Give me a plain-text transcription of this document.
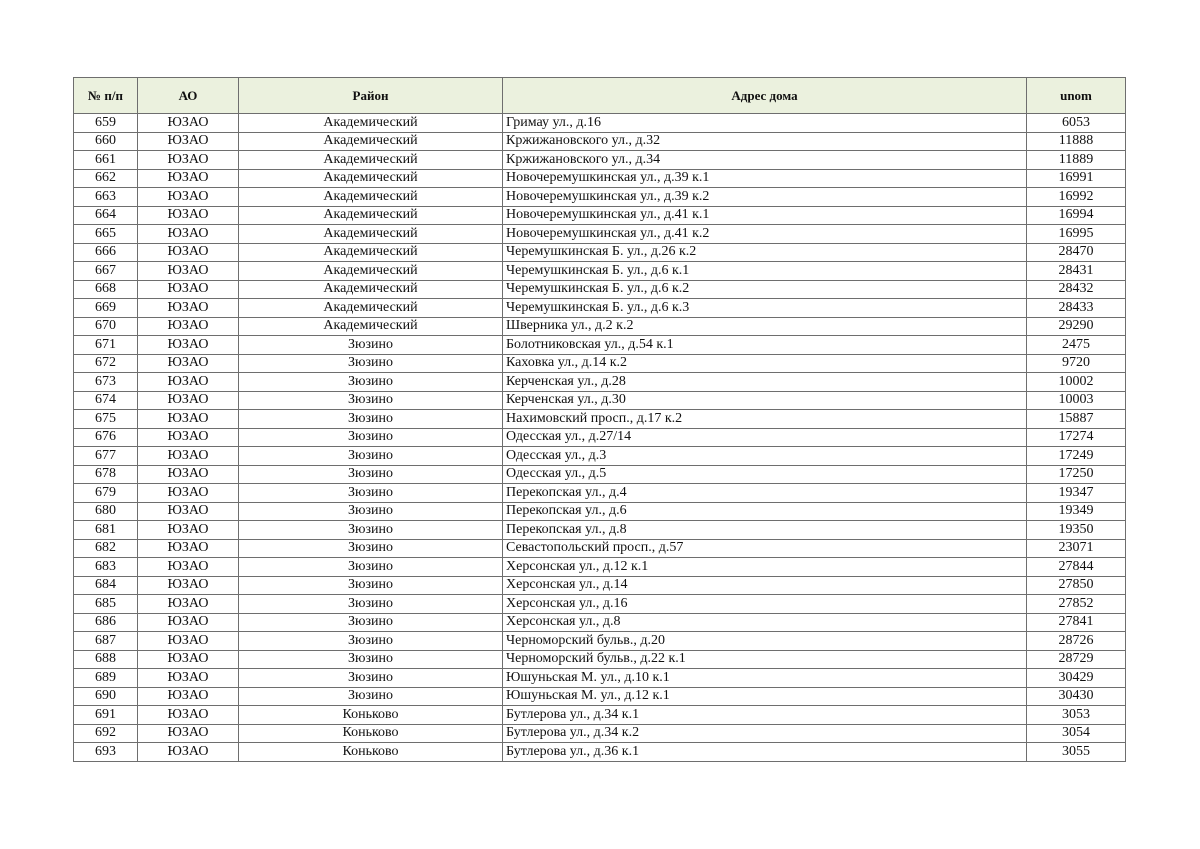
№ п/п	АО	Район	Адрес дома	unom
659	ЮЗАО	Академический	Гримау ул., д.16	6053
660	ЮЗАО	Академический	Кржижановского ул., д.32	11888
661	ЮЗАО	Академический	Кржижановского ул., д.34	11889
662	ЮЗАО	Академический	Новочеремушкинская ул., д.39 к.1	16991
663	ЮЗАО	Академический	Новочеремушкинская ул., д.39 к.2	16992
664	ЮЗАО	Академический	Новочеремушкинская ул., д.41 к.1	16994
665	ЮЗАО	Академический	Новочеремушкинская ул., д.41 к.2	16995
666	ЮЗАО	Академический	Черемушкинская Б. ул., д.26 к.2	28470
667	ЮЗАО	Академический	Черемушкинская Б. ул., д.6 к.1	28431
668	ЮЗАО	Академический	Черемушкинская Б. ул., д.6 к.2	28432
669	ЮЗАО	Академический	Черемушкинская Б. ул., д.6 к.3	28433
670	ЮЗАО	Академический	Шверника ул., д.2 к.2	29290
671	ЮЗАО	Зюзино	Болотниковская ул., д.54 к.1	2475
672	ЮЗАО	Зюзино	Каховка ул., д.14 к.2	9720
673	ЮЗАО	Зюзино	Керченская ул., д.28	10002
674	ЮЗАО	Зюзино	Керченская ул., д.30	10003
675	ЮЗАО	Зюзино	Нахимовский просп., д.17 к.2	15887
676	ЮЗАО	Зюзино	Одесская ул., д.27/14	17274
677	ЮЗАО	Зюзино	Одесская ул., д.3	17249
678	ЮЗАО	Зюзино	Одесская ул., д.5	17250
679	ЮЗАО	Зюзино	Перекопская ул., д.4	19347
680	ЮЗАО	Зюзино	Перекопская ул., д.6	19349
681	ЮЗАО	Зюзино	Перекопская ул., д.8	19350
682	ЮЗАО	Зюзино	Севастопольский просп., д.57	23071
683	ЮЗАО	Зюзино	Херсонская ул., д.12 к.1	27844
684	ЮЗАО	Зюзино	Херсонская ул., д.14	27850
685	ЮЗАО	Зюзино	Херсонская ул., д.16	27852
686	ЮЗАО	Зюзино	Херсонская ул., д.8	27841
687	ЮЗАО	Зюзино	Черноморский бульв., д.20	28726
688	ЮЗАО	Зюзино	Черноморский бульв., д.22 к.1	28729
689	ЮЗАО	Зюзино	Юшуньская М. ул., д.10 к.1	30429
690	ЮЗАО	Зюзино	Юшуньская М. ул., д.12 к.1	30430
691	ЮЗАО	Коньково	Бутлерова ул., д.34 к.1	3053
692	ЮЗАО	Коньково	Бутлерова ул., д.34 к.2	3054
693	ЮЗАО	Коньково	Бутлерова ул., д.36 к.1	3055
